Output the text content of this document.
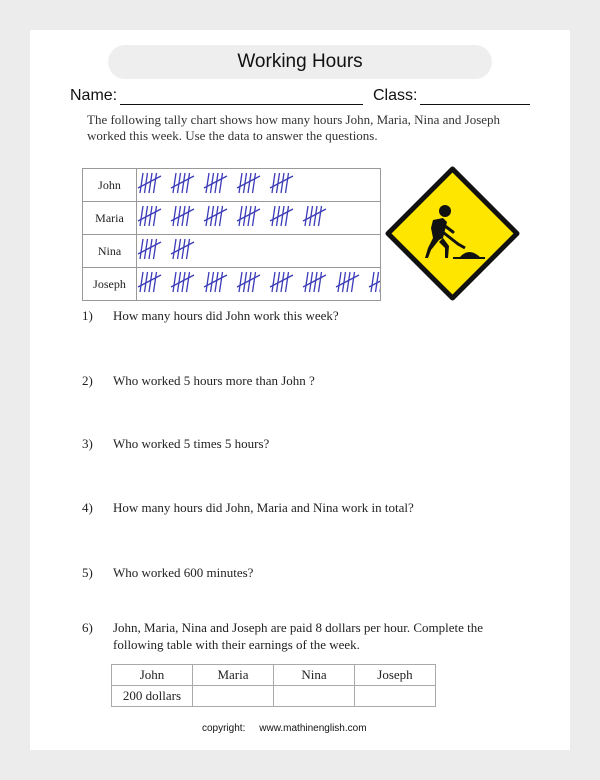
Working Hours
Name:	Class:
The following tally chart shows how many hours John, Maria, Nina and Joseph worked this week. Use the data to answer the questions.
John	
Maria	
Nina	
Joseph	
1)	How many hours did John work this week?
2)	Who worked 5 hours more than John ?
3)	Who worked 5 times 5 hours?
4)	How many hours did John, Maria and Nina work in total?
5)	Who worked 600 minutes?
6)	John, Maria, Nina and Joseph are paid 8 dollars per hour. Complete the following table with their earnings of the week.
John	Maria	Nina	Joseph
200 dollars			
copyright: www.mathinenglish.com
